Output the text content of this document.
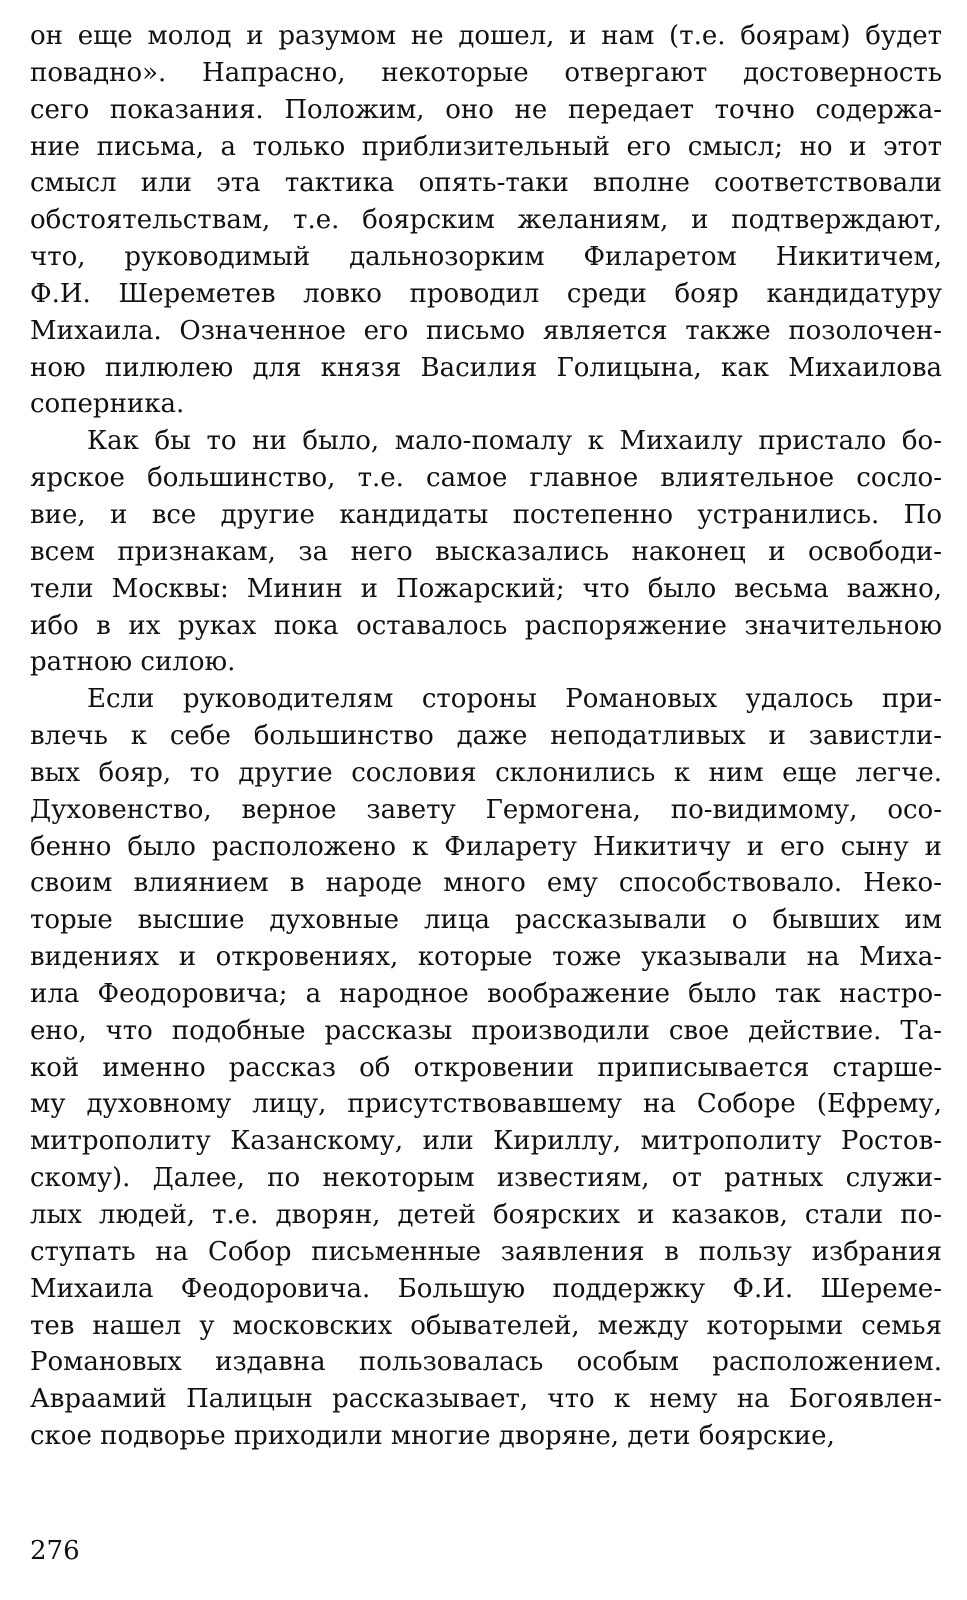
он еще молод и разумом не дошел, и нам (т.е. боярам) будет
повадно». Напрасно, некоторые отвергают достоверность
сего показания. Положим, оно не передает точно содержа-
ние письма, а только приблизительный его смысл; но и этот
смысл или эта тактика опять-таки вполне соответствовали
обстоятельствам, т.е. боярским желаниям, и подтверждают,
что, руководимый дальнозорким Филаретом Никитичем,
Ф.И. Шереметев ловко проводил среди бояр кандидатуру
Михаила. Означенное его письмо является также позолочен-
ною пилюлею для князя Василия Голицына, как Михаилова
соперника.
Как бы то ни было, мало-помалу к Михаилу пристало бо-
ярское большинство, т.е. самое главное влиятельное сосло-
вие, и все другие кандидаты постепенно устранились. По
всем признакам, за него высказались наконец и освободи-
тели Москвы: Минин и Пожарский; что было весьма важно,
ибо в их руках пока оставалось распоряжение значительною
ратною силою.
Если руководителям стороны Романовых удалось при-
влечь к себе большинство даже неподатливых и завистли-
вых бояр, то другие сословия склонились к ним еще легче.
Духовенство, верное завету Гермогена, по-видимому, осо-
бенно было расположено к Филарету Никитичу и его сыну и
своим влиянием в народе много ему способствовало. Неко-
торые высшие духовные лица рассказывали о бывших им
видениях и откровениях, которые тоже указывали на Миха-
ила Феодоровича; а народное воображение было так настро-
ено, что подобные рассказы производили свое действие. Та-
кой именно рассказ об откровении приписывается старше-
му духовному лицу, присутствовавшему на Соборе (Ефрему,
митрополиту Казанскому, или Кириллу, митрополиту Ростов-
скому). Далее, по некоторым известиям, от ратных служи-
лых людей, т.е. дворян, детей боярских и казаков, стали по-
ступать на Собор письменные заявления в пользу избрания
Михаила Феодоровича. Большую поддержку Ф.И. Шереме-
тев нашел у московских обывателей, между которыми семья
Романовых издавна пользовалась особым расположением.
Авраамий Палицын рассказывает, что к нему на Богоявлен-
ское подворье приходили многие дворяне, дети боярские,
276
